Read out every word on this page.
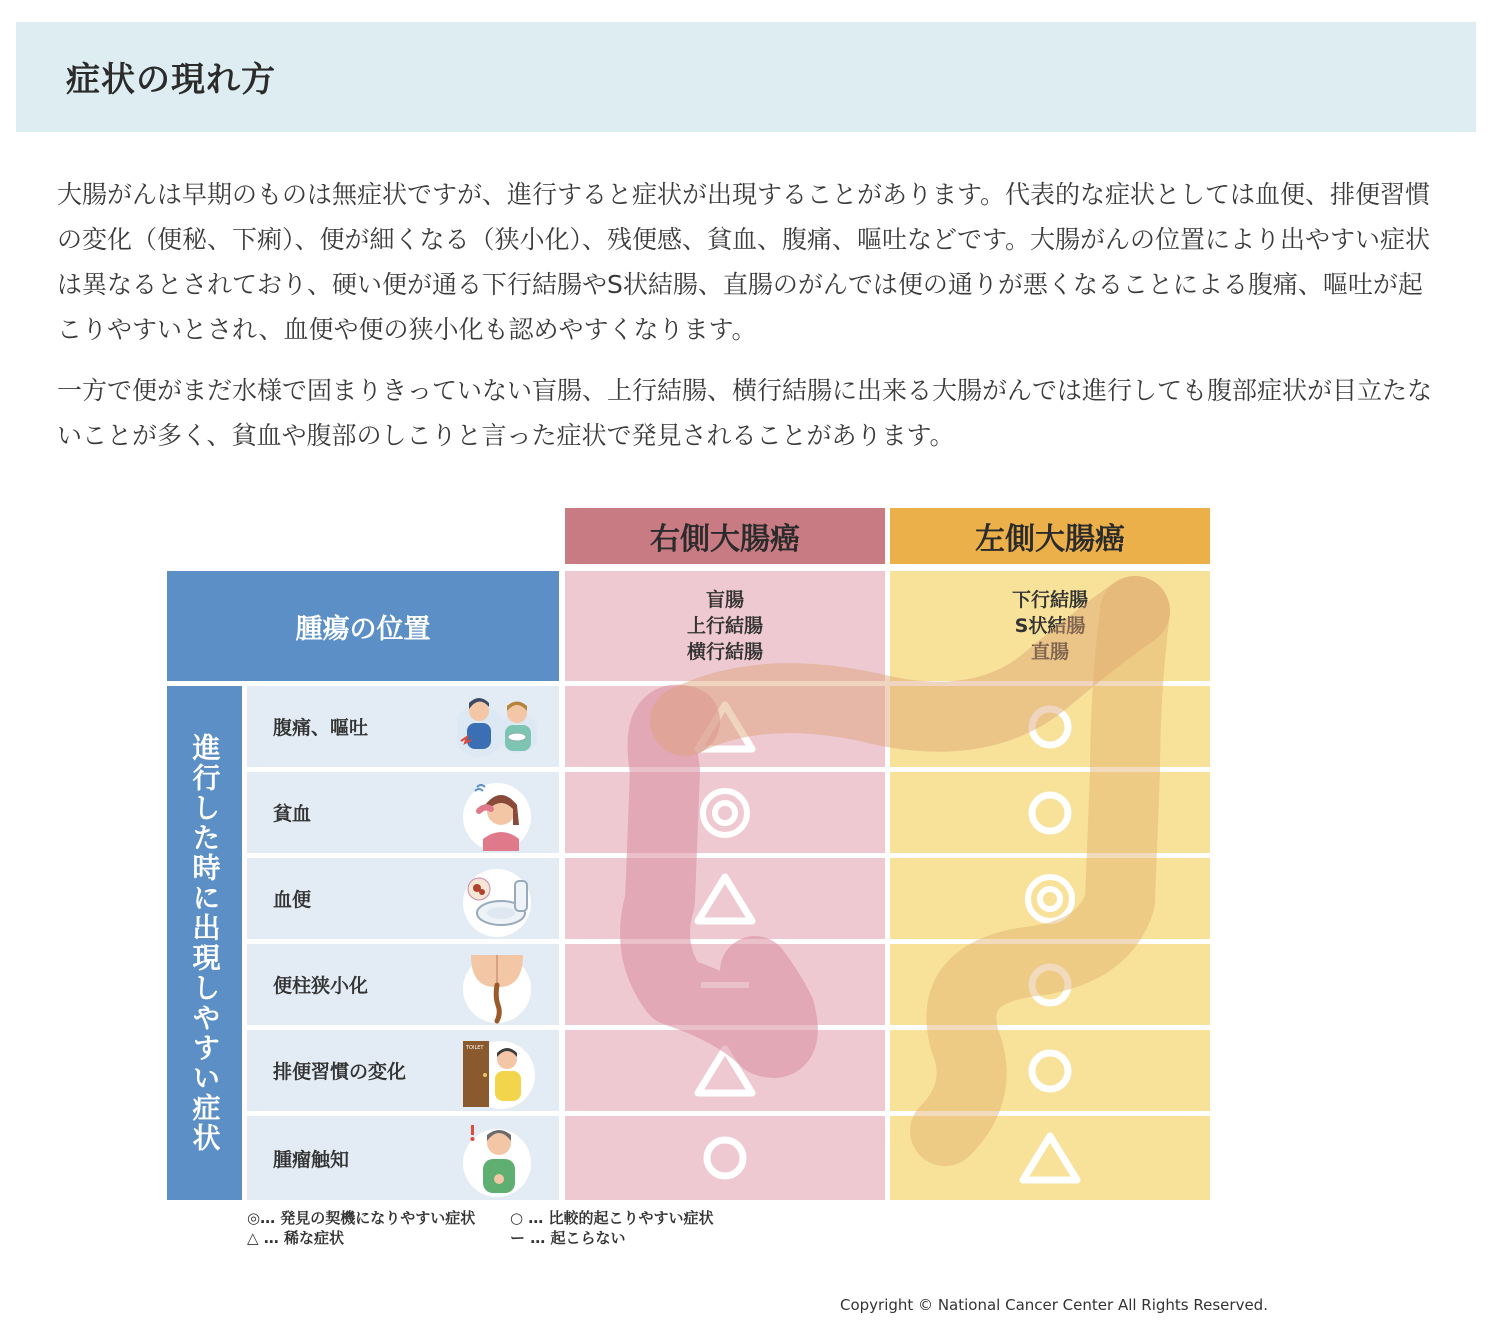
症状の現れ方

大腸がんは早期のものは無症状ですが、進行すると症状が出現することがあります。代表的な症状としては血便、排便習慣の変化（便秘、下痢）、便が細くなる（狭小化）、残便感、貧血、腹痛、嘔吐などです。大腸がんの位置により出やすい症状は異なるとされており、硬い便が通る下行結腸やS状結腸、直腸のがんでは便の通りが悪くなることによる腹痛、嘔吐が起こりやすいとされ、血便や便の狭小化も認めやすくなります。

一方で便がまだ水様で固まりきっていない盲腸、上行結腸、横行結腸に出来る大腸がんでは進行しても腹部症状が目立たないことが多く、貧血や腹部のしこりと言った症状で発見されることがあります。

右側大腸癌	左側大腸癌
腫瘍の位置
盲腸
上行結腸
横行結腸
下行結腸
S状結腸
直腸
進行した時に出現しやすい症状
腹痛、嘔吐
貧血
血便
便柱狭小化
排便習慣の変化
TOILET
腫瘤触知
◎… 発見の契機になりやすい症状 ○ … 比較的起こりやすい症状
△ … 稀な症状	ー … 起こらない
Copyright © National Cancer Center All Rights Reserved.
